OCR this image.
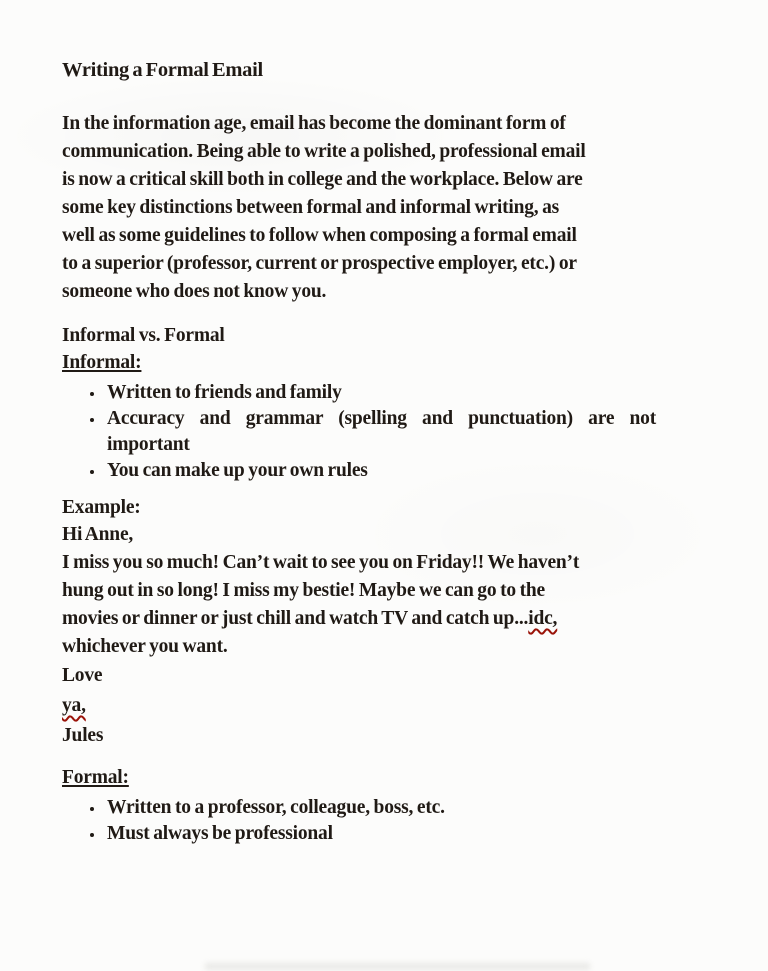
Writing a Formal Email
In the information age, email has become the dominant form of
communication. Being able to write a polished, professional email
is now a critical skill both in college and the workplace. Below are
some key distinctions between formal and informal writing, as
well as some guidelines to follow when composing a formal email
to a superior (professor, current or prospective employer, etc.) or
someone who does not know you.
Informal vs. Formal
Informal:
• Written to friends and family
• Accuracy and grammar (spelling and punctuation) are not important
• You can make up your own rules
Example:
Hi Anne,
I miss you so much! Can’t wait to see you on Friday!! We haven’t
hung out in so long! I miss my bestie! Maybe we can go to the
movies or dinner or just chill and watch TV and catch up...idc,
whichever you want.
Love
ya,
Jules
Formal:
• Written to a professor, colleague, boss, etc.
• Must always be professional
